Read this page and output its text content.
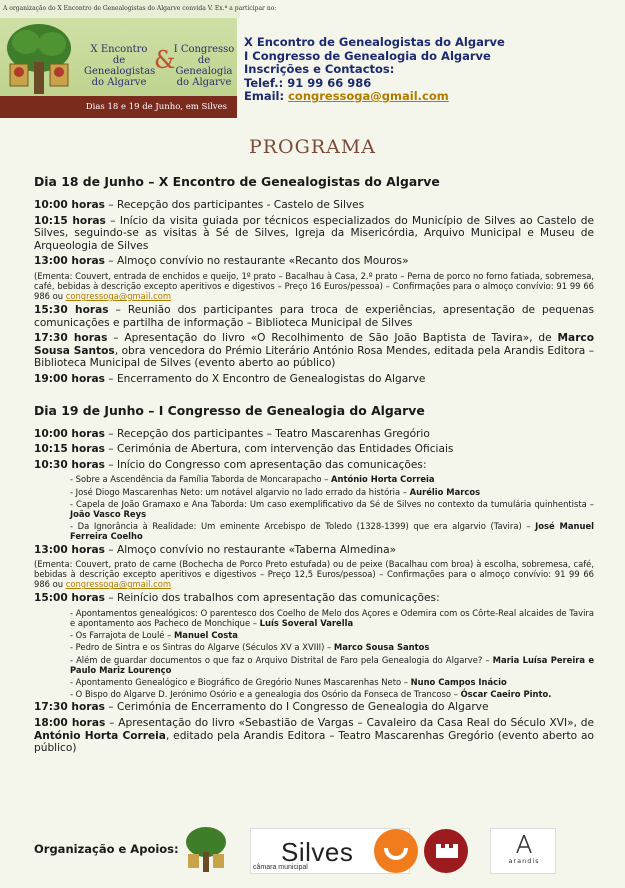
A organização do X Encontro de Genealogistas do Algarve convida V. Ex.ª a participar no:
X Encontro de Genealogistas do Algarve
&
I Congresso de Genealogia do Algarve
Dias 18 e 19 de Junho, em Silves
X Encontro de Genealogistas do Algarve
I Congresso de Genealogia do Algarve
Inscrições e Contactos:
Telef.: 91 99 66 986
Email: congressoga@gmail.com
PROGRAMA
Dia 18 de Junho – X Encontro de Genealogistas do Algarve

10:00 horas – Recepção dos participantes - Castelo de Silves

10:15 horas – Início da visita guiada por técnicos especializados do Município de Silves ao Castelo de Silves, seguindo-se as visitas à Sé de Silves, Igreja da Misericórdia, Arquivo Municipal e Museu de Arqueologia de Silves

13:00 horas – Almoço convívio no restaurante «Recanto dos Mouros»

(Ementa: Couvert, entrada de enchidos e queijo, 1º prato – Bacalhau à Casa, 2.º prato – Perna de porco no forno fatiada, sobremesa, café, bebidas à descrição excepto aperitivos e digestivos – Preço 16 Euros/pessoa) – Confirmações para o almoço convívio: 91 99 66 986 ou congressoga@gmail.com

15:30 horas – Reunião dos participantes para troca de experiências, apresentação de pequenas comunicações e partilha de informação – Biblioteca Municipal de Silves

17:30 horas – Apresentação do livro «O Recolhimento de São João Baptista de Tavira», de Marco Sousa Santos, obra vencedora do Prémio Literário António Rosa Mendes, editada pela Arandis Editora – Biblioteca Municipal de Silves (evento aberto ao público)

19:00 horas – Encerramento do X Encontro de Genealogistas do Algarve

Dia 19 de Junho – I Congresso de Genealogia do Algarve

10:00 horas – Recepção dos participantes – Teatro Mascarenhas Gregório

10:15 horas – Cerimónia de Abertura, com intervenção das Entidades Oficiais

10:30 horas – Início do Congresso com apresentação das comunicações:

- Sobre a Ascendência da Família Taborda de Moncarapacho – António Horta Correia

- José Diogo Mascarenhas Neto: um notável algarvio no lado errado da história – Aurélio Marcos

- Capela de João Gramaxo e Ana Taborda: Um caso exemplificativo da Sé de Silves no contexto da tumulária quinhentista – João Vasco Reys

- Da Ignorância à Realidade: Um eminente Arcebispo de Toledo (1328-1399) que era algarvio (Tavira) – José Manuel Ferreira Coelho

13:00 horas – Almoço convívio no restaurante «Taberna Almedina»

(Ementa: Couvert, prato de carne (Bochecha de Porco Preto estufada) ou de peixe (Bacalhau com broa) à escolha, sobremesa, café, bebidas à descrição excepto aperitivos e digestivos – Preço 12,5 Euros/pessoa) – Confirmações para o almoço convívio: 91 99 66 986 ou congressoga@gmail.com

15:00 horas – Reinício dos trabalhos com apresentação das comunicações:

- Apontamentos genealógicos: O parentesco dos Coelho de Melo dos Açores e Odemira com os Côrte-Real alcaides de Tavira e apontamento aos Pacheco de Monchique – Luís Soveral Varella

- Os Farrajota de Loulé – Manuel Costa

- Pedro de Sintra e os Sintras do Algarve (Séculos XV a XVIII) – Marco Sousa Santos

- Além de guardar documentos o que faz o Arquivo Distrital de Faro pela Genealogia do Algarve? – Maria Luísa Pereira e Paulo Mariz Lourenço

- Apontamento Genealógico e Biográfico de Gregório Nunes Mascarenhas Neto – Nuno Campos Inácio

- O Bispo do Algarve D. Jerónimo Osório e a genealogia dos Osório da Fonseca de Trancoso – Óscar Caeiro Pinto.

17:30 horas – Cerimónia de Encerramento do I Congresso de Genealogia do Algarve

18:00 horas – Apresentação do livro «Sebastião de Vargas – Cavaleiro da Casa Real do Século XVI», de António Horta Correia, editado pela Arandis Editora – Teatro Mascarenhas Gregório (evento aberto ao público)

Organização e Apoios:	Silves
câmara municipal
arandis
